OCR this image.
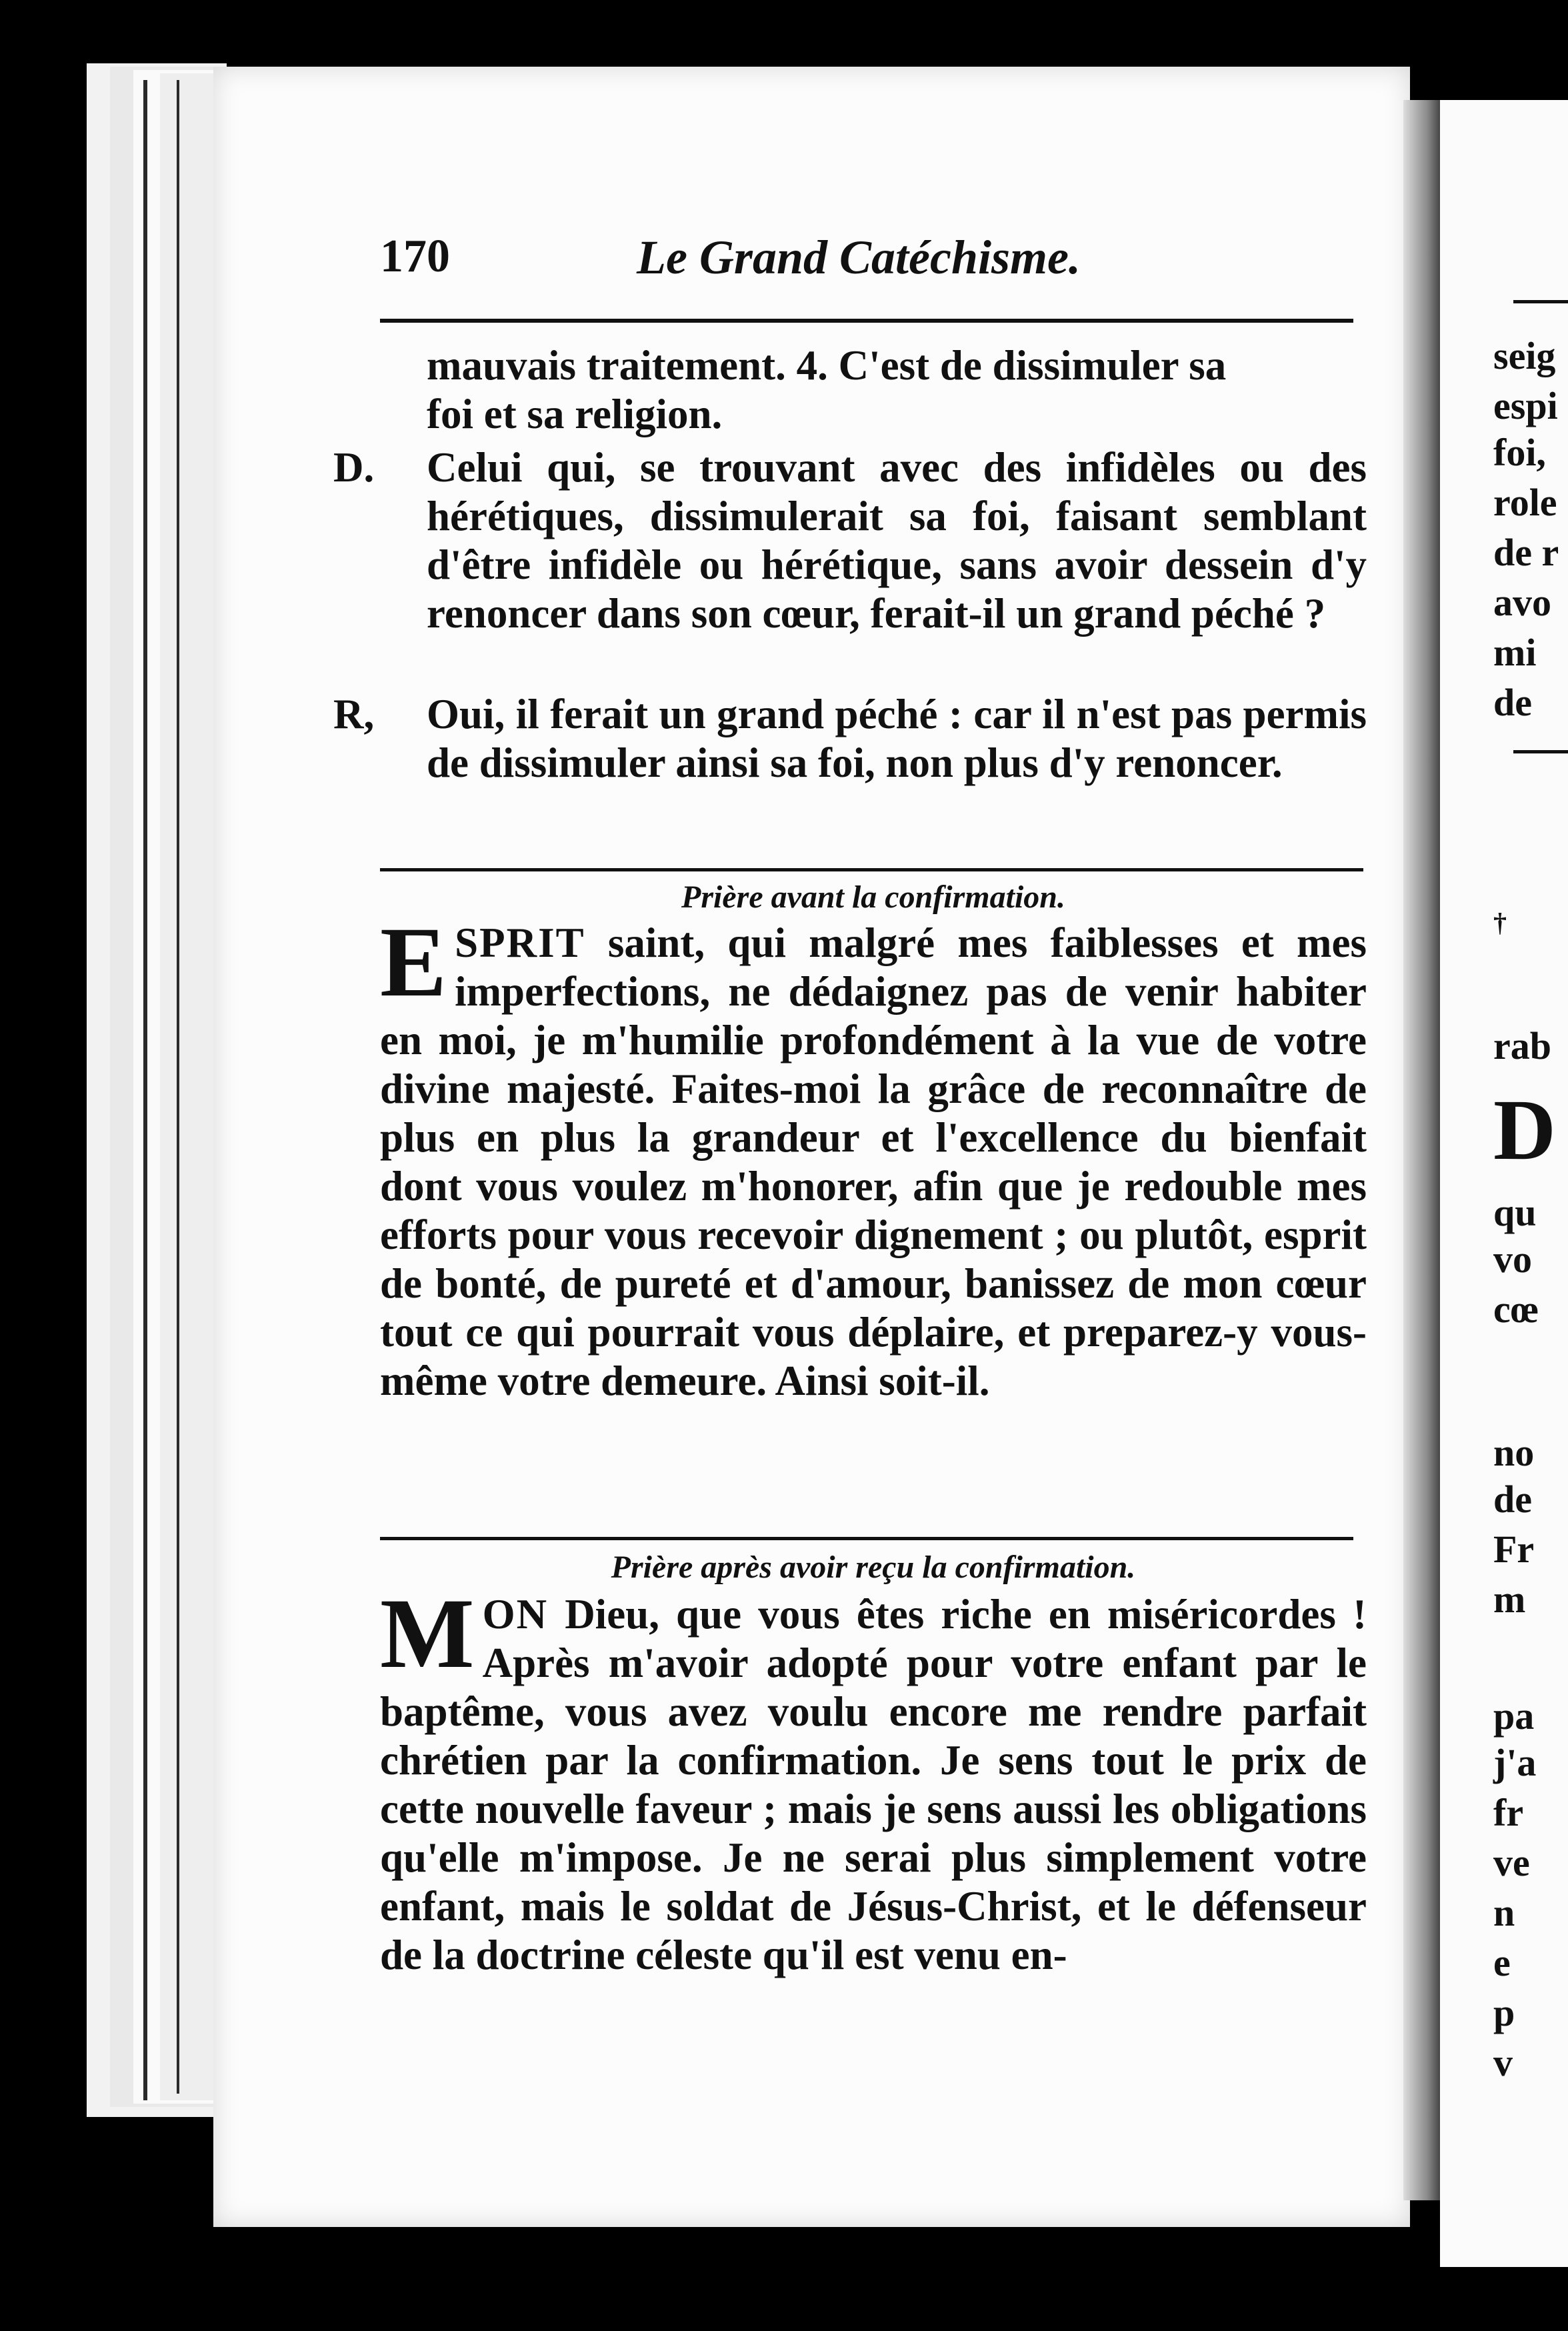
seig
espi
foi,
role
de r
avo
mi
de
†
rab
D
qu
vo
cœ
no
de
Fr
m
pa
j'a
fr
ve
n
e
p
v
170	Le Grand Catéchisme.
mauvais traitement. 4. C'est de dissimuler sa
foi et sa religion.

D. Celui qui, se trouvant avec des infidèles ou des hérétiques, dissimulerait sa foi, faisant semblant d'être infidèle ou hérétique, sans avoir dessein d'y renoncer dans son cœur, ferait-il un grand péché ?

R, Oui, il ferait un grand péché : car il n'est pas permis de dissimuler ainsi sa foi, non plus d'y renoncer.

Prière avant la confirmation.
ESPRIT saint, qui malgré mes faiblesses et mes imperfections, ne dédaignez pas de venir habiter en moi, je m'humilie profondément à la vue de votre divine majesté. Faites-moi la grâce de reconnaître de plus en plus la grandeur et l'excellence du bienfait dont vous voulez m'honorer, afin que je redouble mes efforts pour vous recevoir dignement ; ou plutôt, esprit de bonté, de pureté et d'amour, banissez de mon cœur tout ce qui pourrait vous déplaire, et preparez-y vous-même votre demeure. Ainsi soit-il.
Prière après avoir reçu la confirmation.
MON Dieu, que vous êtes riche en miséricordes ! Après m'avoir adopté pour votre enfant par le baptême, vous avez voulu encore me rendre parfait chrétien par la confirmation. Je sens tout le prix de cette nouvelle faveur ; mais je sens aussi les obligations qu'elle m'impose. Je ne serai plus simplement votre enfant, mais le soldat de Jésus-Christ, et le défenseur de la doctrine céleste qu'il est venu en-
